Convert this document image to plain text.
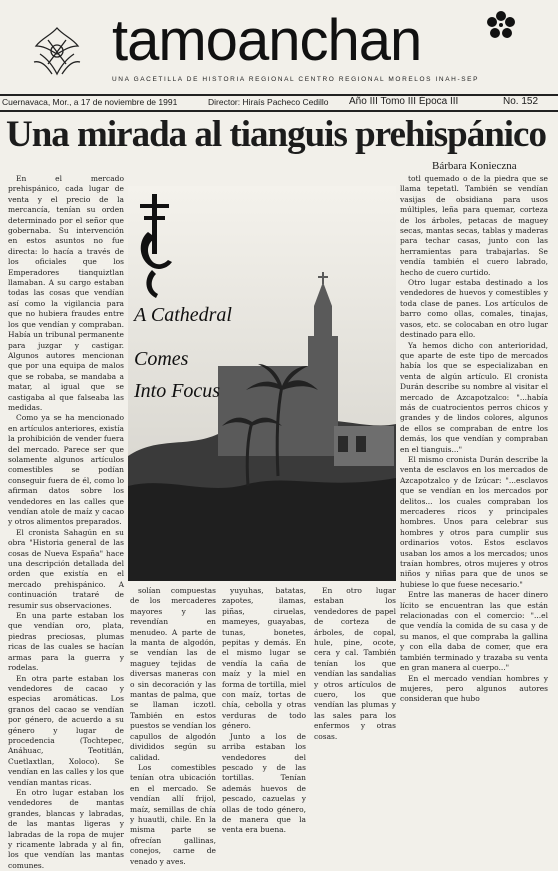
tamoanchan
UNA GACETILLA DE HISTORIA REGIONAL CENTRO REGIONAL MORELOS INAH-SEP
Cuernavaca, Mor., a 17 de noviembre de 1991	Director: Hiraís Pacheco Cedillo Año III Tomo III Época III	No. 152
Una mirada al tianguis prehispánico
Bárbara Konieczna

En el mercado prehispánico, cada lugar de venta y el precio de la mercancía, tenían su orden determinado por el señor que gobernaba. Su intervención en estos asuntos no fue directa: lo hacía a través de los oficiales que los Emperadores tianquiztlan llamaban. A su cargo estaban todas las cosas que vendían así como la vigilancia para que no hubiera fraudes entre los que vendían y compraban. Había un tribunal permanente para juzgar y castigar. Algunos autores mencionan que por una equipa de malos que se robaba, se mandaba a matar, al igual que se castigaba al que falseaba las medidas.

Como ya se ha mencionado en artículos anteriores, existía la prohibición de vender fuera del mercado. Parece ser que solamente algunos artículos comestibles se podían conseguir fuera de él, como lo afirman datos sobre los vendedores en las calles que vendían atole de maíz y cacao y otros alimentos preparados.

El cronista Sahagún en su obra "Historia general de las cosas de Nueva España" hace una descripción detallada del orden que existía en el mercado prehispánico. A continuación trataré de resumir sus observaciones.

En una parte estaban los que vendían oro, plata, piedras preciosas, plumas ricas de las cuales se hacían armas para la guerra y rodelas.

En otra parte estaban los vendedores de cacao y especias aromáticas. Los granos del cacao se vendían por género, de acuerdo a su género y lugar de procedencia (Tochtepec, Anáhuac, Teotitlán, Cuetlaxtlan, Xoloco). Se vendían en las calles y los que vendían mantas ricas.

En otro lugar estaban los vendedores de mantas grandes, blancas y labradas, de las mantas ligeras y labradas de la ropa de mujer y ricamente labrada y al fin, los que vendían las mantas comunes.

A Cathedral
Comes
Into Focus

solían compuestas de los mercaderes mayores y las revendían en menudeo. A parte de la manta de algodón, se vendían las de maguey tejidas de diversas maneras con o sin decoración y las mantas de palma, que se llaman iczotl. También en estos puestos se vendían los capullos de algodón divididos según su calidad.

Los comestibles tenían otra ubicación en el mercado. Se vendían allí frijol, maíz, semillas de chía y huautli, chile. En la misma parte se ofrecían gallinas, conejos, carne de venado y aves.

yuyuhas, batatas, zapotes, ilamas, piñas, ciruelas, mameyes, guayabas, tunas, bonetes, pepitas y demás. En el mismo lugar se vendía la caña de maíz y la miel en forma de tortilla, miel con maíz, tortas de chía, cebolla y otras verduras de todo género.

Junto a los de arriba estaban los vendedores del pescado y de las tortillas. Tenían además huevos de pescado, cazuelas y ollas de todo género, de manera que la venta era buena.

En otro lugar estaban los vendedores de papel de corteza de árboles, de copal, hule, pine, ocote, cera y cal. También tenían los que vendían las sandalias y otros artículos de cuero, los que vendían las plumas y las sales para los enfermos y otras cosas.

totl quemado o de la piedra que se llama tepetatl. También se vendían vasijas de obsidiana para usos múltiples, leña para quemar, corteza de los árboles, petacas de maguey secas, mantas secas, tablas y maderas para techar casas, junto con las herramientas para trabajarlas. Se vendía también el cuero labrado, hecho de cuero curtido.

Otro lugar estaba destinado a los vendedores de huevos y comestibles y toda clase de panes. Los artículos de barro como ollas, comales, tinajas, vasos, etc. se colocaban en otro lugar destinado para ello.

Ya hemos dicho con anterioridad, que aparte de este tipo de mercados había los que se especializaban en venta de algún artículo. El cronista Durán describe su nombre al visitar el mercado de Azcapotzalco: "...había más de cuatrocientos perros chicos y grandes y de lindos colores, algunos de ellos se compraban de entre los demás, los que vendían y compraban en el tianguis..."

El mismo cronista Durán describe la venta de esclavos en los mercados de Azcapotzalco y de Izúcar: "...esclavos que se vendían en los mercados por delitos... los cuales compraban los mercaderes ricos y principales hombres. Unos para celebrar sus hombres y otros para cumplir sus ordinarios votos. Estos esclavos usaban los amos a los mercados; unos traían hombres, otros mujeres y otros niños y niñas para que de unos se hubiese lo que fuese necesario."

Entre las maneras de hacer dinero lícito se encuentran las que están relacionadas con el comercio: "...el que vendía la comida de su casa y de su manos, el que compraba la gallina y con ella daba de comer, que era también terminado y trazaba su venta en gran manera al cuerpo..."

En el mercado vendían hombres y mujeres, pero algunos autores consideran que hubo
